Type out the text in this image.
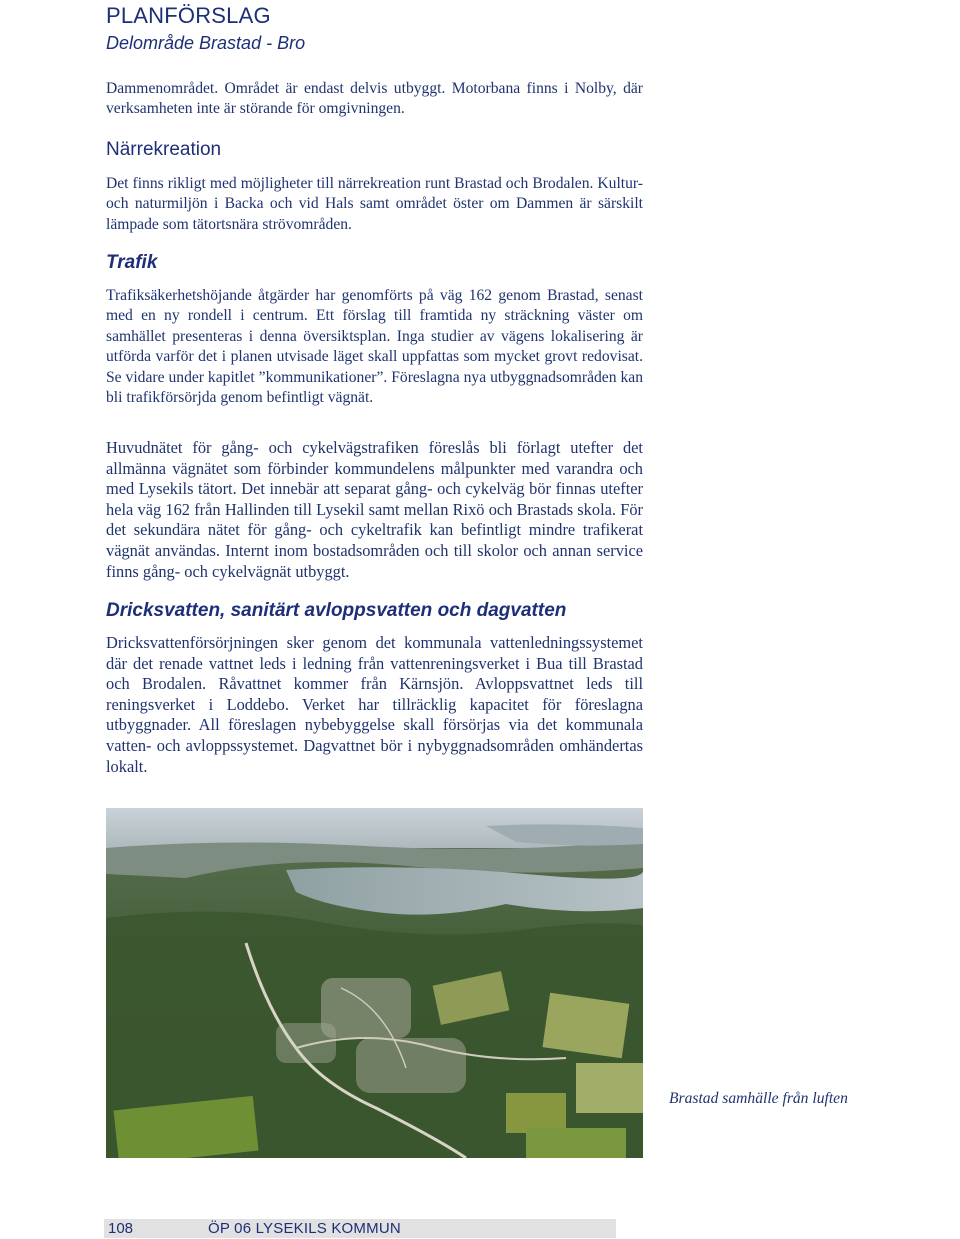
PLANFÖRSLAG
Delområde Brastad - Bro

Dammenområdet. Området är endast delvis utbyggt. Motorbana finns i Nolby, där verksamheten inte är störande för omgivningen.

Närrekreation

Det finns rikligt med möjligheter till närrekreation runt Brastad och Brodalen. Kultur- och naturmiljön i Backa och vid Hals samt området öster om Dammen är särskilt lämpade som tätortsnära strövområden.

Trafik

Trafiksäkerhetshöjande åtgärder har genomförts på väg 162 genom Brastad, senast med en ny rondell i centrum. Ett förslag till framtida ny sträckning väster om samhället presenteras i denna översiktsplan. Inga studier av vägens lokalisering är utförda varför det i planen utvisade läget skall uppfattas som mycket grovt redovisat. Se vidare under kapitlet ”kommunikationer”. Föreslagna nya utbyggnadsområden kan bli trafikförsörjda genom befintligt vägnät.

Huvudnätet för gång- och cykelvägstrafiken föreslås bli förlagt utefter det allmänna vägnätet som förbinder kommundelens målpunkter med varandra och med Lysekils tätort. Det innebär att separat gång- och cykelväg bör finnas utefter hela väg 162 från Hallinden till Lysekil samt mellan Rixö och Brastads skola. För det sekundära nätet för gång- och cykeltrafik kan befintligt mindre trafikerat vägnät användas. Internt inom bostadsområden och till skolor och annan service finns gång- och cykelvägnät utbyggt.

Dricksvatten, sanitärt avloppsvatten och dagvatten

Dricksvattenförsörjningen sker genom det kommunala vattenledningssystemet där det renade vattnet leds i ledning från vattenreningsverket i Bua till Brastad och Brodalen. Råvattnet kommer från Kärnsjön. Avloppsvattnet leds till reningsverket i Loddebo. Verket har tillräcklig kapacitet för föreslagna utbyggnader. All föreslagen nybebyggelse skall försörjas via det kommunala vatten- och avloppssystemet. Dagvattnet bör i nybyggnadsområden omhändertas lokalt.

Brastad samhälle från luften
108	ÖP 06 LYSEKILS KOMMUN
